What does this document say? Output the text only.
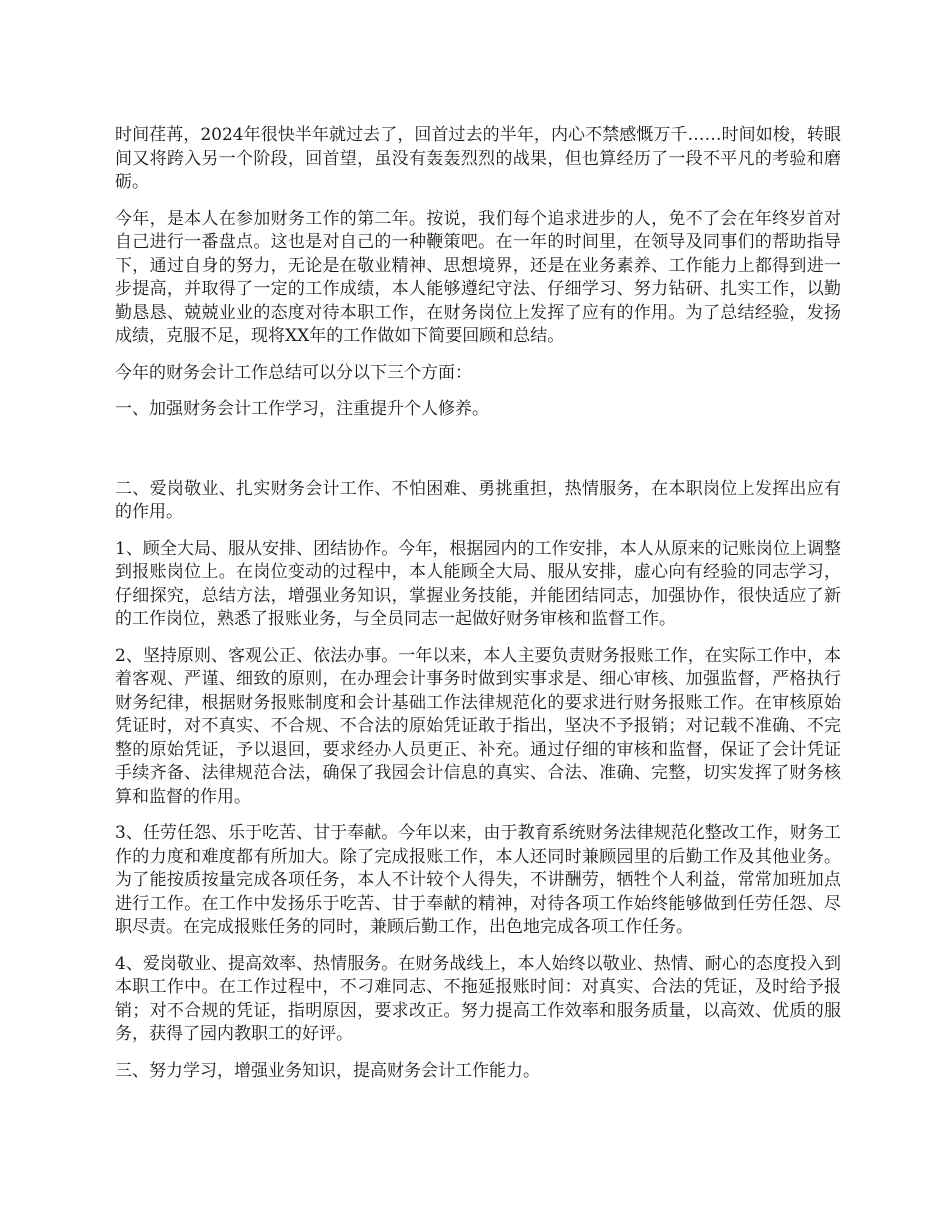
时间荏苒，2024年很快半年就过去了，回首过去的半年，内心不禁感慨万千……时间如梭，转眼间又将跨入另一个阶段，回首望，虽没有轰轰烈烈的战果，但也算经历了一段不平凡的考验和磨砺。

今年，是本人在参加财务工作的第二年。按说，我们每个追求进步的人，免不了会在年终岁首对自己进行一番盘点。这也是对自己的一种鞭策吧。在一年的时间里，在领导及同事们的帮助指导下，通过自身的努力，无论是在敬业精神、思想境界，还是在业务素养、工作能力上都得到进一步提高，并取得了一定的工作成绩，本人能够遵纪守法、仔细学习、努力钻研、扎实工作，以勤勤恳恳、兢兢业业的态度对待本职工作，在财务岗位上发挥了应有的作用。为了总结经验，发扬成绩，克服不足，现将XX年的工作做如下简要回顾和总结。

今年的财务会计工作总结可以分以下三个方面：

一、加强财务会计工作学习，注重提升个人修养。

二、爱岗敬业、扎实财务会计工作、不怕困难、勇挑重担，热情服务，在本职岗位上发挥出应有的作用。

1、顾全大局、服从安排、团结协作。今年，根据园内的工作安排，本人从原来的记账岗位上调整到报账岗位上。在岗位变动的过程中，本人能顾全大局、服从安排，虚心向有经验的同志学习，仔细探究，总结方法，增强业务知识，掌握业务技能，并能团结同志，加强协作，很快适应了新的工作岗位，熟悉了报账业务，与全员同志一起做好财务审核和监督工作。

2、坚持原则、客观公正、依法办事。一年以来，本人主要负责财务报账工作，在实际工作中，本着客观、严谨、细致的原则，在办理会计事务时做到实事求是、细心审核、加强监督，严格执行财务纪律，根据财务报账制度和会计基础工作法律规范化的要求进行财务报账工作。在审核原始凭证时，对不真实、不合规、不合法的原始凭证敢于指出，坚决不予报销；对记载不准确、不完整的原始凭证，予以退回，要求经办人员更正、补充。通过仔细的审核和监督，保证了会计凭证手续齐备、法律规范合法，确保了我园会计信息的真实、合法、准确、完整，切实发挥了财务核算和监督的作用。

3、任劳任怨、乐于吃苦、甘于奉献。今年以来，由于教育系统财务法律规范化整改工作，财务工作的力度和难度都有所加大。除了完成报账工作，本人还同时兼顾园里的后勤工作及其他业务。为了能按质按量完成各项任务，本人不计较个人得失，不讲酬劳，牺牲个人利益，常常加班加点进行工作。在工作中发扬乐于吃苦、甘于奉献的精神，对待各项工作始终能够做到任劳任怨、尽职尽责。在完成报账任务的同时，兼顾后勤工作，出色地完成各项工作任务。

4、爱岗敬业、提高效率、热情服务。在财务战线上，本人始终以敬业、热情、耐心的态度投入到本职工作中。在工作过程中，不刁难同志、不拖延报账时间：对真实、合法的凭证，及时给予报销；对不合规的凭证，指明原因，要求改正。努力提高工作效率和服务质量，以高效、优质的服务，获得了园内教职工的好评。

三、努力学习，增强业务知识，提高财务会计工作能力。
